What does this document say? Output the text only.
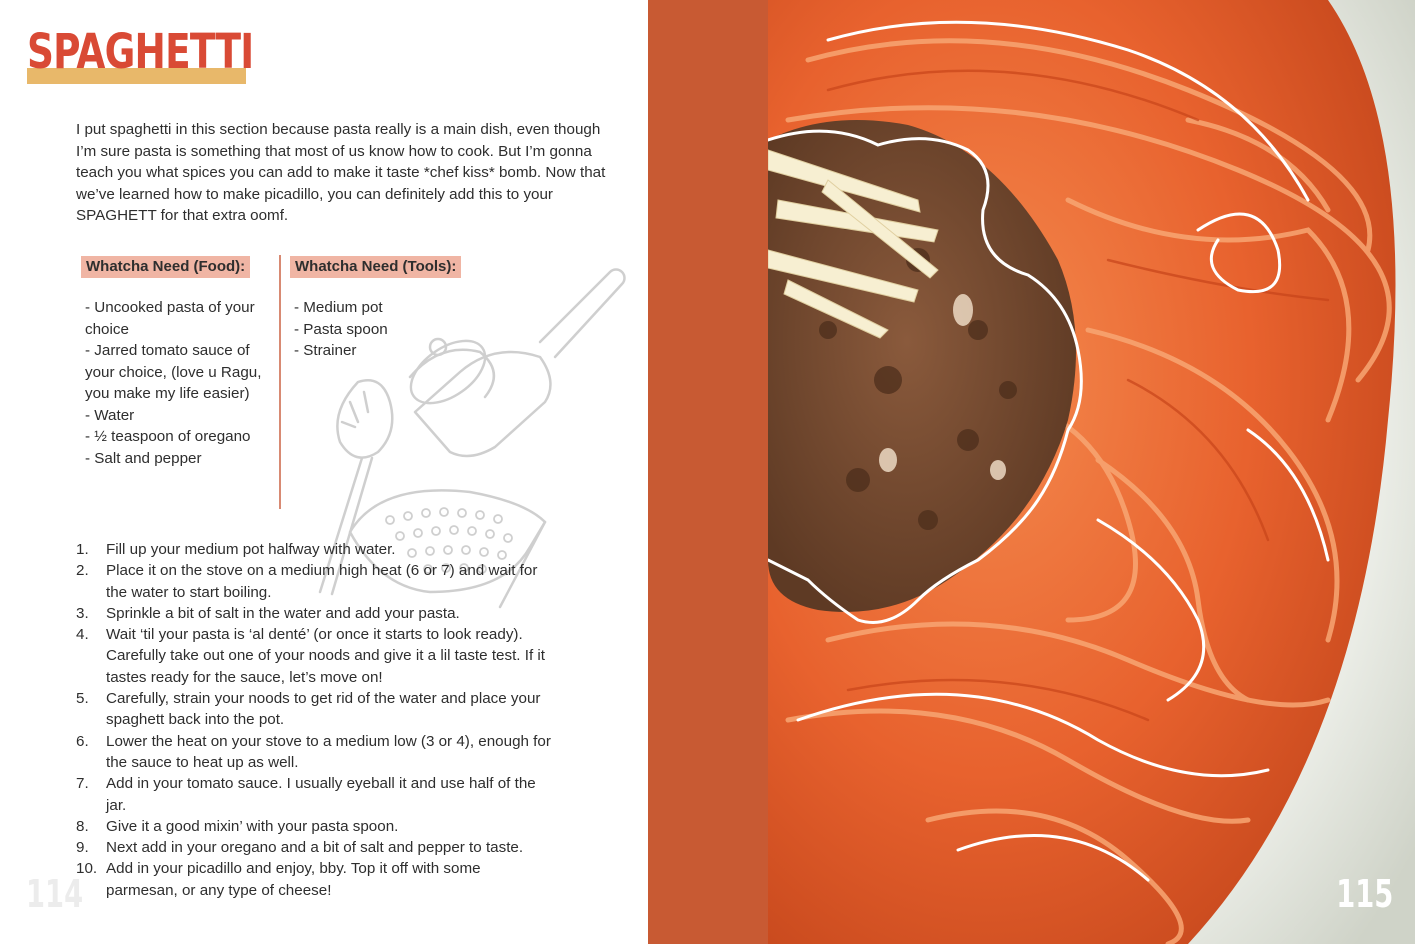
SPAGHETTI

I put spaghetti in this section because pasta really is a main dish, even though I’m sure pasta is something that most of us know how to cook. But I’m gonna teach you what spices you can add to make it taste *chef kiss* bomb. Now that we’ve learned how to make picadillo, you can definitely add this to your SPAGHETT for that extra oomf.

Whatcha Need (Food):
- Uncooked pasta of your choice
- Jarred tomato sauce of your choice, (love u Ragu, you make my life easier)
- Water
- ½ teaspoon of oregano
- Salt and pepper
Whatcha Need (Tools):
- Medium pot
- Pasta spoon
- Strainer
1.	Fill up your medium pot halfway with water.
2.	Place it on the stove on a medium high heat (6 or 7) and wait for the water to start boiling.
3.	Sprinkle a bit of salt in the water and add your pasta.
4.	Wait ‘til your pasta is ‘al denté’ (or once it starts to look ready). Carefully take out one of your noods and give it a lil taste test. If it tastes ready for the sauce, let’s move on!
5.	Carefully, strain your noods to get rid of the water and place your spaghett back into the pot.
6.	Lower the heat on your stove to a medium low (3 or 4), enough for the sauce to heat up as well.
7.	Add in your tomato sauce. I usually eyeball it and use half of the jar.
8.	Give it a good mixin’ with your pasta spoon.
9.	Next add in your oregano and a bit of salt and pepper to taste.
10. Add in your picadillo and enjoy, bby. Top it off with some parmesan, or any type of cheese!
114	115
